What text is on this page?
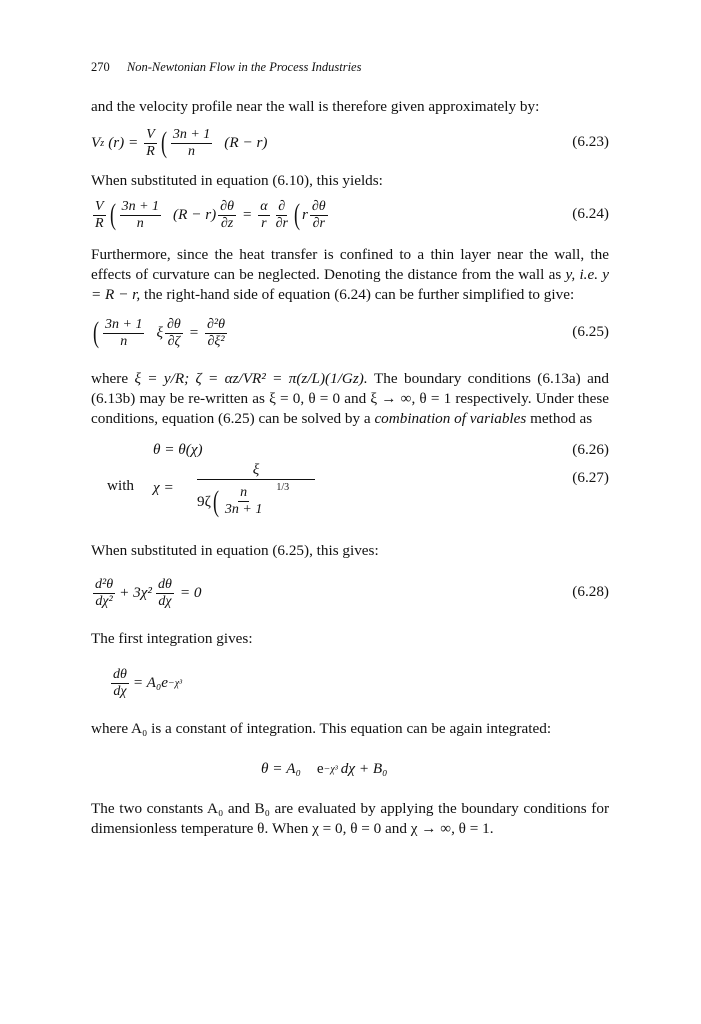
270 Non-Newtonian Flow in the Process Industries

and the velocity profile near the wall is therefore given approximately by:

V z $(r) = \frac{V}{R}$ ( $\frac{3n + 1}{n} (R - r)$	(6.23)

When substituted in equation (6.10), this yields:

$\frac{V}{R}$ ( $\frac{3n + 1}{n} (R - r) \frac{\partial\theta}{\partial z} = \frac{\alpha}{r} \frac{\partial}{\partial r}$ ( r $\frac{\partial\theta}{\partial r}$	(6.24)

Furthermore, since the heat transfer is confined to a thin layer near the wall, the effects of curvature can be neglected. Denoting the distance from the wall as y, i.e. y = R − r, the right-hand side of equation (6.24) can be further simplified to give:

( $\frac{3n + 1}{n}$ ξ $\frac{\partial\theta}{\partial\zeta} = \frac{\text{∂²θ}}{\text{∂ξ²}}$	(6.25)

where ξ = y/R; ζ = αz/VR² = π(z/L)(1/Gz). The boundary conditions (6.13a) and (6.13b) may be re-written as ξ = 0, θ = 0 and ξ → ∞, θ = 1 respectively. Under these conditions, equation (6.25) can be solved by a combination of variables method as

θ = θ(χ)	(6.26)
with χ =
ξ
9ζ ( $\frac{n}{3n + 1} 1/3$
(6.27)

When substituted in equation (6.25), this gives:

$\frac{\text{d²θ}}{\text{dχ²}} + 3\chi^2 \frac{d\theta}{d\chi} = 0$	(6.28)

The first integration gives:

$\frac{d\theta}{d\chi} = A_0e -\chi^3$

where A₀ is a constant of integration. This equation can be again integrated:

θ = A₀ e −χ³ dχ + B₀

The two constants A₀ and B₀ are evaluated by applying the boundary conditions for dimensionless temperature θ. When χ = 0, θ = 0 and χ → ∞, θ = 1.
